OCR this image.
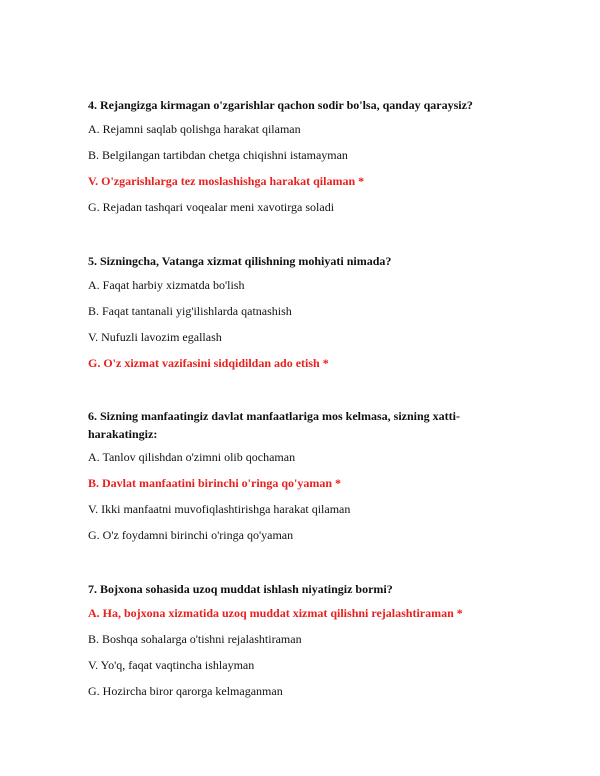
4. Rejangizga kirmagan o'zgarishlar qachon sodir bo'lsa, qanday qaraysiz?

A. Rejamni saqlab qolishga harakat qilaman
B. Belgilangan tartibdan chetga chiqishni istamayman
V. O'zgarishlarga tez moslashishga harakat qilaman *
G. Rejadan tashqari voqealar meni xavotirga soladi

5. Sizningcha, Vatanga xizmat qilishning mohiyati nimada?

A. Faqat harbiy xizmatda bo'lish
B. Faqat tantanali yig'ilishlarda qatnashish
V. Nufuzli lavozim egallash
G. O'z xizmat vazifasini sidqidildan ado etish *

6. Sizning manfaatingiz davlat manfaatlariga mos kelmasa, sizning xatti-harakatingiz:

A. Tanlov qilishdan o'zimni olib qochaman
B. Davlat manfaatini birinchi o'ringa qo'yaman *
V. Ikki manfaatni muvofiqlashtirishga harakat qilaman
G. O'z foydamni birinchi o'ringa qo'yaman

7. Bojxona sohasida uzoq muddat ishlash niyatingiz bormi?

A. Ha, bojxona xizmatida uzoq muddat xizmat qilishni rejalashtiraman *
B. Boshqa sohalarga o'tishni rejalashtiraman
V. Yo'q, faqat vaqtincha ishlayman
G. Hozircha biror qarorga kelmaganman
